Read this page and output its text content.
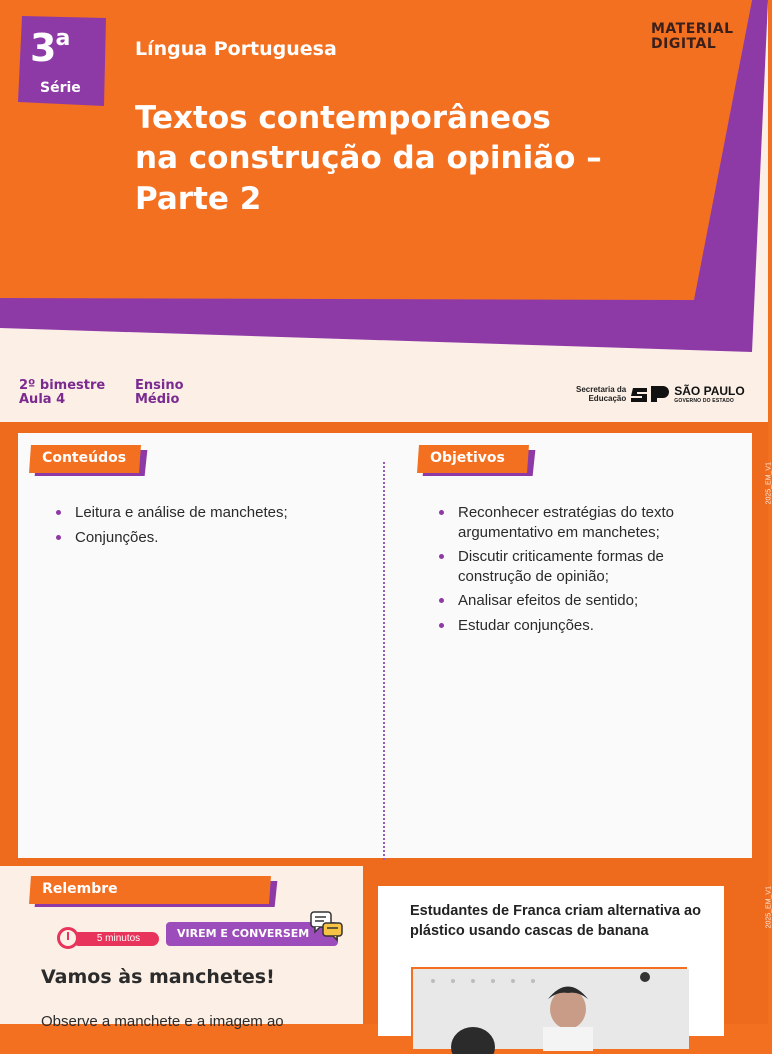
3$^a$
Série
Língua Portuguesa
Textos contemporâneos
na construção da opinião –
Parte 2
MATERIAL
DIGITAL
2º bimestre
Aula 4
Ensino
Médio
Secretaria da
Educação
SÃO PAULO
GOVERNO DO ESTADO
Conteúdos
Leitura e análise de manchetes;
Conjunções.
Objetivos
Reconhecer estratégias do texto argumentativo em manchetes;
Discutir criticamente formas de construção de opinião;
Analisar efeitos de sentido;
Estudar conjunções.
2025_EM_V1
Relembre
5 minutos	VIREM E CONVERSEM
Vamos às manchetes!
Observe a manchete e a imagem ao
Estudantes de Franca criam alternativa ao plástico usando cascas de banana
2025_EM_V1
